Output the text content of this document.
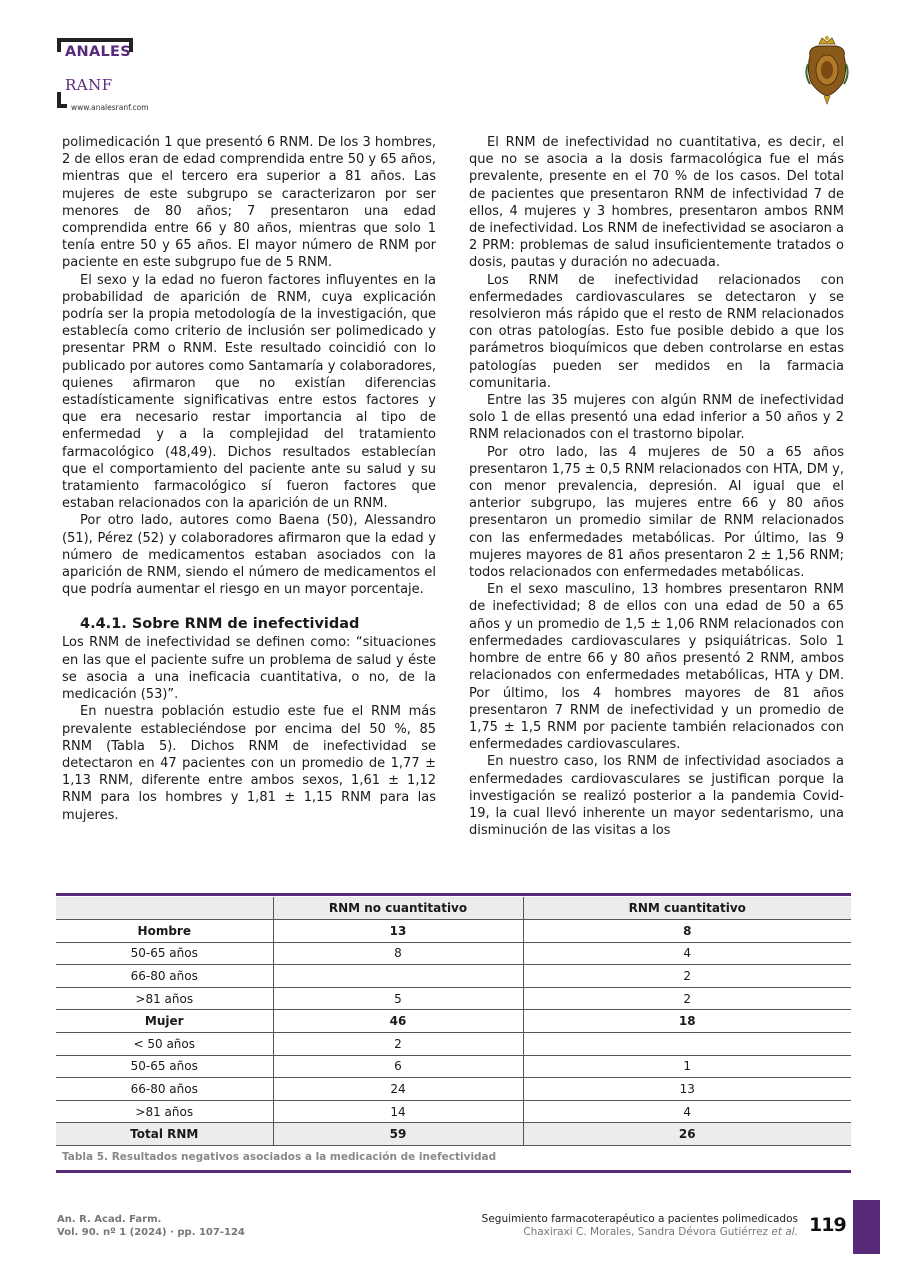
ANALES
RANF
www.analesranf.com

polimedicación 1 que presentó 6 RNM. De los 3 hombres, 2 de ellos eran de edad comprendida entre 50 y 65 años, mientras que el tercero era superior a 81 años. Las mujeres de este subgrupo se caracterizaron por ser menores de 80 años; 7 presentaron una edad comprendida entre 66 y 80 años, mientras que solo 1 tenía entre 50 y 65 años. El mayor número de RNM por paciente en este subgrupo fue de 5 RNM.

El sexo y la edad no fueron factores influyentes en la probabilidad de aparición de RNM, cuya explicación podría ser la propia metodología de la investigación, que establecía como criterio de inclusión ser polimedicado y presentar PRM o RNM. Este resultado coincidió con lo publicado por autores como Santamaría y colaboradores, quienes afirmaron que no existían diferencias estadísticamente significativas entre estos factores y que era necesario restar importancia al tipo de enfermedad y a la complejidad del tratamiento farmacológico (48,49). Dichos resultados establecían que el comportamiento del paciente ante su salud y su tratamiento farmacológico sí fueron factores que estaban relacionados con la aparición de un RNM.

Por otro lado, autores como Baena (50), Alessandro (51), Pérez (52) y colaboradores afirmaron que la edad y número de medicamentos estaban asociados con la aparición de RNM, siendo el número de medicamentos el que podría aumentar el riesgo en un mayor porcentaje.

4.4.1. Sobre RNM de inefectividad

Los RNM de inefectividad se definen como: “situaciones en las que el paciente sufre un problema de salud y éste se asocia a una ineficacia cuantitativa, o no, de la medicación (53)”.

En nuestra población estudio este fue el RNM más prevalente estableciéndose por encima del 50 %, 85 RNM (Tabla 5). Dichos RNM de inefectividad se detectaron en 47 pacientes con un promedio de 1,77 ± 1,13 RNM, diferente entre ambos sexos, 1,61 ± 1,12 RNM para los hombres y 1,81 ± 1,15 RNM para las mujeres.

El RNM de inefectividad no cuantitativa, es decir, el que no se asocia a la dosis farmacológica fue el más prevalente, presente en el 70 % de los casos. Del total de pacientes que presentaron RNM de infectividad 7 de ellos, 4 mujeres y 3 hombres, presentaron ambos RNM de inefectividad. Los RNM de inefectividad se asociaron a 2 PRM: problemas de salud insuficientemente tratados o dosis, pautas y duración no adecuada.

Los RNM de inefectividad relacionados con enfermedades cardiovasculares se detectaron y se resolvieron más rápido que el resto de RNM relacionados con otras patologías. Esto fue posible debido a que los parámetros bioquímicos que deben controlarse en estas patologías pueden ser medidos en la farmacia comunitaria.

Entre las 35 mujeres con algún RNM de inefectividad solo 1 de ellas presentó una edad inferior a 50 años y 2 RNM relacionados con el trastorno bipolar.

Por otro lado, las 4 mujeres de 50 a 65 años presentaron 1,75 ± 0,5 RNM relacionados con HTA, DM y, con menor prevalencia, depresión. Al igual que el anterior subgrupo, las mujeres entre 66 y 80 años presentaron un promedio similar de RNM relacionados con las enfermedades metabólicas. Por último, las 9 mujeres mayores de 81 años presentaron 2 ± 1,56 RNM; todos relacionados con enfermedades metabólicas.

En el sexo masculino, 13 hombres presentaron RNM de inefectividad; 8 de ellos con una edad de 50 a 65 años y un promedio de 1,5 ± 1,06 RNM relacionados con enfermedades cardiovasculares y psiquiátricas. Solo 1 hombre de entre 66 y 80 años presentó 2 RNM, ambos relacionados con enfermedades metabólicas, HTA y DM. Por último, los 4 hombres mayores de 81 años presentaron 7 RNM de inefectividad y un promedio de 1,75 ± 1,5 RNM por paciente también relacionados con enfermedades cardiovasculares.

En nuestro caso, los RNM de infectividad asociados a enfermedades cardiovasculares se justifican porque la investigación se realizó posterior a la pandemia Covid-19, la cual llevó inherente un mayor sedentarismo, una disminución de las visitas a los

	RNM no cuantitativo	RNM cuantitativo
Hombre	13	8
50-65 años	8	4
66-80 años		2
>81 años	5	2
Mujer	46	18
< 50 años	2	
50-65 años	6	1
66-80 años	24	13
>81 años	14	4
Total RNM	59	26
Tabla 5. Resultados negativos asociados a la medicación de inefectividad
An. R. Acad. Farm.
Vol. 90. nº 1 (2024) · pp. 107-124
Seguimiento farmacoterapéutico a pacientes polimedicados
Chaxiraxi C. Morales, Sandra Dévora Gutiérrez et al. 119
